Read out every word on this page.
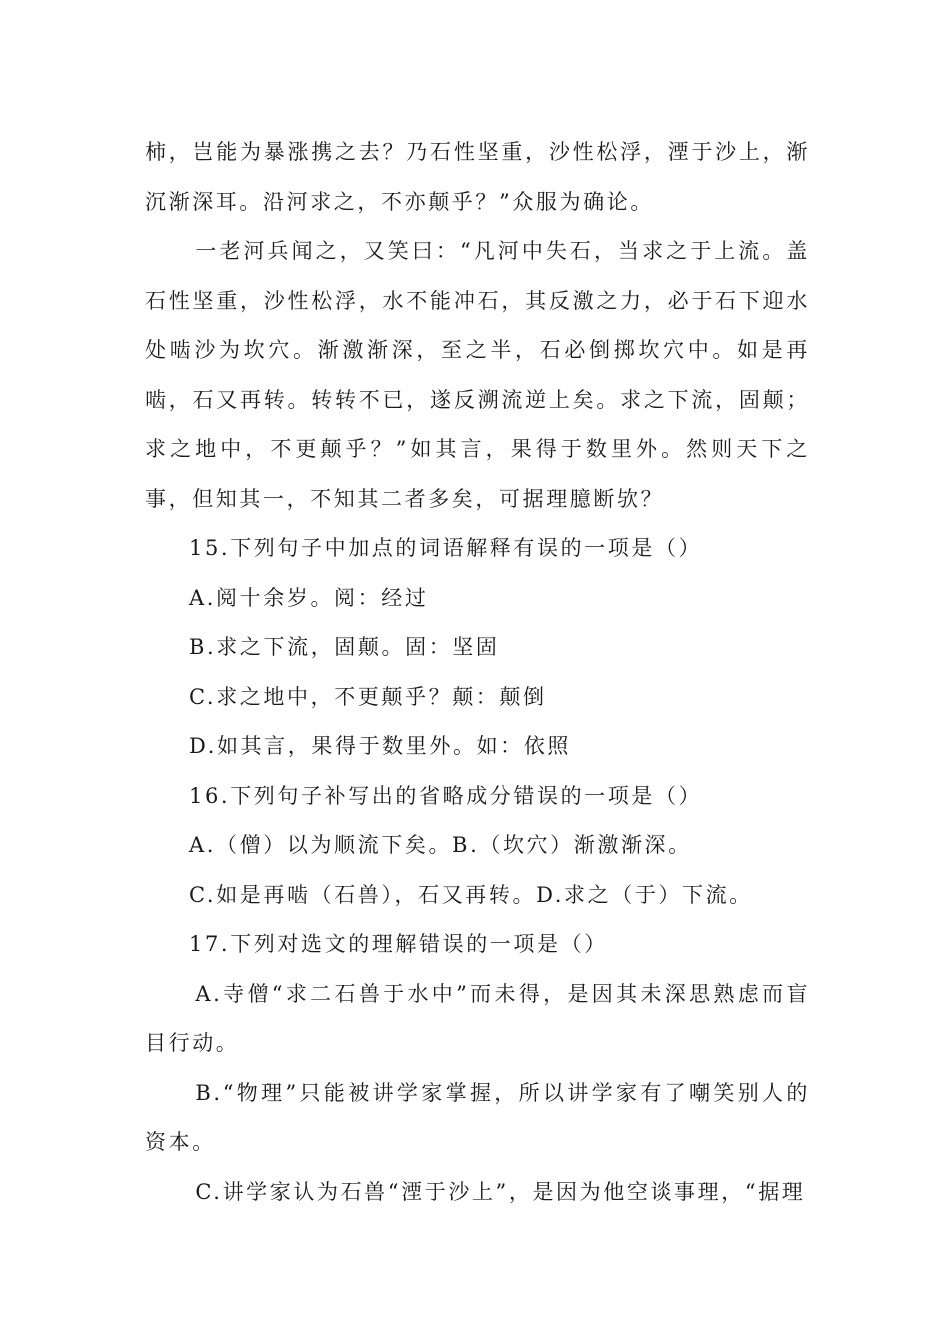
柿，岂能为暴涨携之去？乃石性坚重，沙性松浮，湮于沙上，渐沉渐深耳。沿河求之，不亦颠乎？”众服为确论。

一老河兵闻之，又笑曰：“凡河中失石，当求之于上流。盖石性坚重，沙性松浮，水不能冲石，其反激之力，必于石下迎水处啮沙为坎穴。渐激渐深，至之半，石必倒掷坎穴中。如是再啮，石又再转。转转不已，遂反溯流逆上矣。求之下流，固颠；求之地中，不更颠乎？”如其言，果得于数里外。然则天下之事，但知其一，不知其二者多矣，可据理臆断欤？

15.下列句子中加点的词语解释有误的一项是（）

A.阅十余岁。阅：经过

B.求之下流，固颠。固：坚固

C.求之地中，不更颠乎？颠：颠倒

D.如其言，果得于数里外。如：依照

16.下列句子补写出的省略成分错误的一项是（）

A.（僧）以为顺流下矣。B.（坎穴）渐激渐深。

C.如是再啮（石兽），石又再转。D.求之（于）下流。

17.下列对选文的理解错误的一项是（）

A.寺僧“求二石兽于水中”而未得，是因其未深思熟虑而盲目行动。

B.“物理”只能被讲学家掌握，所以讲学家有了嘲笑别人的资本。

C.讲学家认为石兽“湮于沙上”，是因为他空谈事理，“据理
